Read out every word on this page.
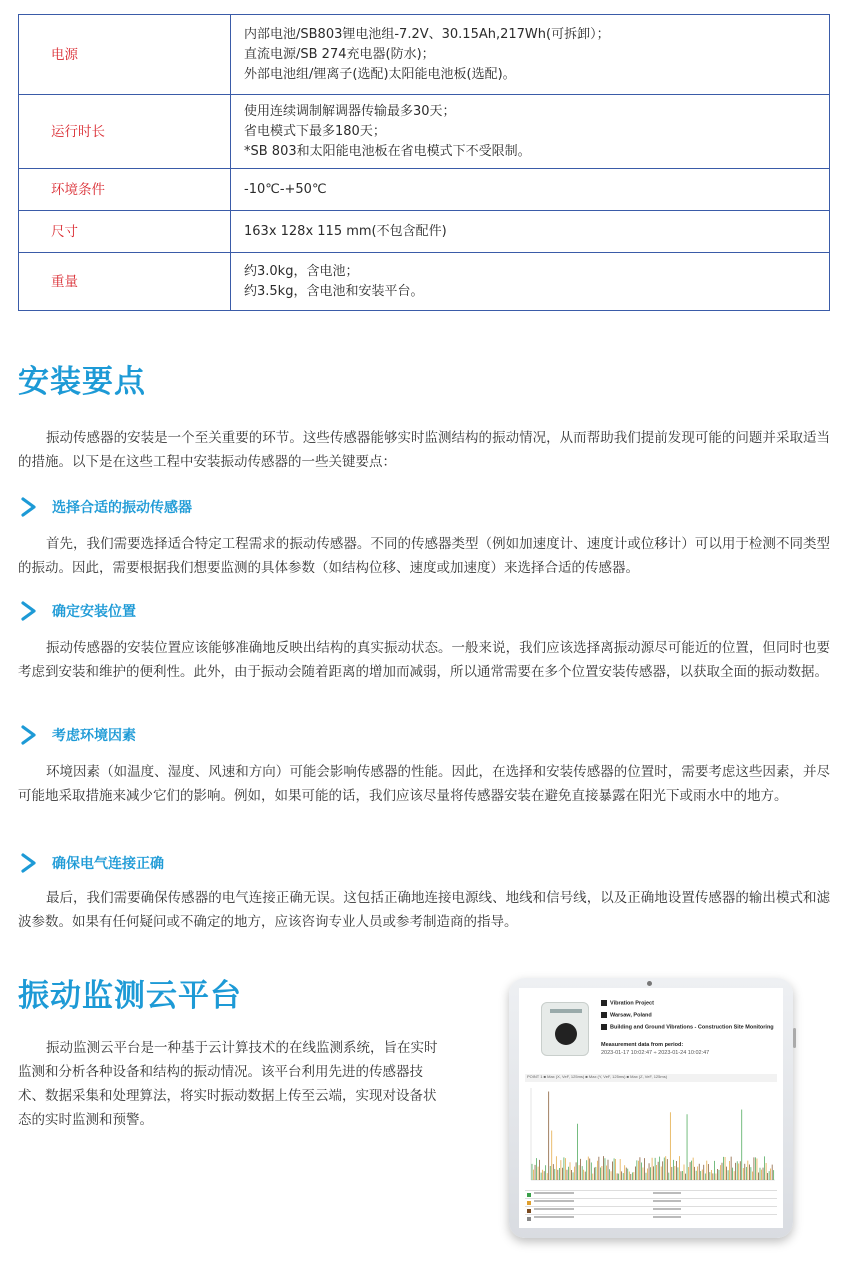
电源	内部电池/SB803锂电池组-7.2V、30.15Ah,217Wh(可拆卸）；
直流电源/SB 274充电器(防水)；
外部电池组/锂离子(选配)太阳能电池板(选配)。

运行时长	使用连续调制解调器传输最多30天；
省电模式下最多180天；
*SB 803和太阳能电池板在省电模式下不受限制。

环境条件	-10℃-+50℃

尺寸	163x 128x 115 mm(不包含配件)

重量	约3.0kg，含电池；
约3.5kg，含电池和安装平台。
安装要点

振动传感器的安装是一个至关重要的环节。这些传感器能够实时监测结构的振动情况，从而帮助我们提前发现可能的问题并采取适当的措施。以下是在这些工程中安装振动传感器的一些关键要点：

选择合适的振动传感器

首先，我们需要选择适合特定工程需求的振动传感器。不同的传感器类型（例如加速度计、速度计或位移计）可以用于检测不同类型的振动。因此，需要根据我们想要监测的具体参数（如结构位移、速度或加速度）来选择合适的传感器。

确定安装位置

振动传感器的安装位置应该能够准确地反映出结构的真实振动状态。一般来说，我们应该选择离振动源尽可能近的位置，但同时也要考虑到安装和维护的便利性。此外，由于振动会随着距离的增加而减弱，所以通常需要在多个位置安装传感器，以获取全面的振动数据。

考虑环境因素

环境因素（如温度、湿度、风速和方向）可能会影响传感器的性能。因此，在选择和安装传感器的位置时，需要考虑这些因素，并尽可能地采取措施来减少它们的影响。例如，如果可能的话，我们应该尽量将传感器安装在避免直接暴露在阳光下或雨水中的地方。

确保电气连接正确

最后，我们需要确保传感器的电气连接正确无误。这包括正确地连接电源线、地线和信号线，以及正确地设置传感器的输出模式和滤波参数。如果有任何疑问或不确定的地方，应该咨询专业人员或参考制造商的指导。

振动监测云平台

振动监测云平台是一种基于云计算技术的在线监测系统，旨在实时监测和分析各种设备和结构的振动情况。该平台利用先进的传感器技术、数据采集和处理算法，将实时振动数据上传至云端，实现对设备状态的实时监测和预警。

Vibration Project
Warsaw, Poland
Building and Ground Vibrations - Construction Site Monitoring
Measurement data from period:
2023-01-17 10:02:47 ÷ 2023-01-24 10:02:47
POINT 1 ■ Max (X, VeF, 125ms) ■ Max (Y, VeF, 125ms) ■ Max (Z, VeF, 125ms)
